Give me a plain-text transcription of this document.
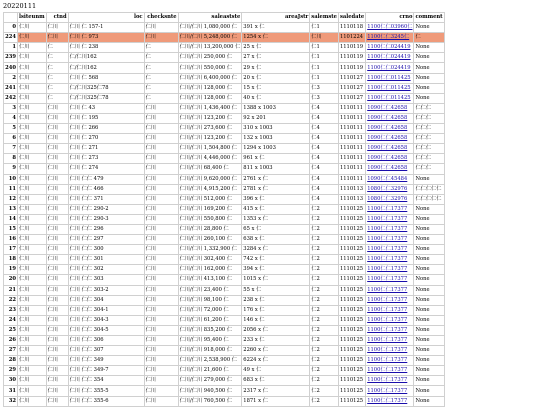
20220111
	lsiteunm	ctnd	loc	checksnte	saleastste	areaJstr	salemste	saledate	crno	comment
0	仁川	仁川	仁川 仁 157-1	仁川	仁川/仁川 1,080,000 仁	391 x 仁	仁1	1110118	1100仁仁03960仁	None
224	仁川	仁川	仁川 仁 973	仁川	仁川/仁川 5,248,000 仁	1254 x 仁	仁川	1101224	1100仁仁3245仁	仁
1	仁川	仁	仁川 仁 238	仁	仁川/仁川 13,200,000 仁	25 x 仁	仁1	1110119	1100仁仁024419	None
239	仁川	仁	仁/仁川162	仁	仁川/仁川 250,000 仁	27 x 仁	仁1	1110119	1100仁仁024419	None
240	仁川	仁	仁/仁川162	仁	仁川/仁川 550,000 仁	29 x 仁	仁1	1110119	1100仁仁024419	None
2	仁川	仁	仁川 仁 568	仁	仁川/仁川 6,400,000 仁	20 x 仁	仁1	1110127	1100仁仁011425	None
241	仁川	仁	仁/仁川325仁78	仁	仁川/仁川 128,000 仁	15 x 仁	仁3	1110127	1100仁仁011425	None
242	仁川	仁	仁/仁川325仁78	仁	仁川/仁川 128,000 仁	40 x 仁	仁3	1110127	1100仁仁011425	None
3	仁川	仁川	仁川 仁 43	仁川	仁川/仁川 1,436,400 仁	1388 x 1003	仁4	1110111	1090仁仁42658	仁仁仁
4	仁川	仁川	仁川 仁 195	仁川	仁川/仁川 123,200 仁	92 x 201	仁4	1110111	1090仁仁42658	仁仁仁
5	仁川	仁川	仁川 仁 266	仁川	仁川/仁川 273,600 仁	310 x 1003	仁4	1110111	1090仁仁42658	仁仁仁
6	仁川	仁川	仁川 仁 270	仁川	仁川/仁川 123,200 仁	132 x 1003	仁4	1110111	1090仁仁42658	仁仁仁
7	仁川	仁川	仁川 仁 271	仁川	仁川/仁川 1,504,800 仁	1294 x 1003	仁4	1110111	1090仁仁42658	仁仁仁
8	仁川	仁川	仁川 仁 273	仁川	仁川/仁川 4,446,000 仁	961 x 仁	仁4	1110111	1090仁仁42658	仁仁仁
9	仁川	仁川	仁川 仁 274	仁川	仁川/仁川 68,400 仁	811 x 1003	仁4	1110111	1090仁仁42658	仁仁仁
10	仁川	仁川	仁川 仁仁 479	仁川	仁川/仁川 9,620,000 仁	2761 x 仁	仁4	1110111	1090仁仁45484	None
11	仁川	仁川	仁川 仁仁 466	仁川	仁川/仁川 4,915,200 仁	2781 x 仁	仁4	1110113	1080仁仁32976	仁仁仁仁仁
12	仁川	仁川	仁川 仁仁 371	仁川	仁川/仁川 512,000 仁	396 x 仁	仁4	1110113	1080仁仁32976	仁仁仁仁仁
13	仁川	仁川	仁川 仁仁 290-2	仁川	仁川/仁川 169,200 仁	415 x 仁	仁2	1110125	1100仁仁17377	None
14	仁川	仁川	仁川 仁仁 290-3	仁川	仁川/仁川 550,800 仁	1353 x 仁	仁2	1110125	1100仁仁17377	None
15	仁川	仁川	仁川 仁仁 296	仁川	仁川/仁川 28,800 仁	65 x 仁	仁2	1110125	1100仁仁17377	None
16	仁川	仁川	仁川 仁仁 297	仁川	仁川/仁川 260,100 仁	638 x 仁	仁2	1110125	1100仁仁17377	None
17	仁川	仁川	仁川 仁仁 300	仁川	仁川/仁川 1,332,900 仁	3284 x 仁	仁2	1110125	1100仁仁17377	None
18	仁川	仁川	仁川 仁仁 301	仁川	仁川/仁川 302,400 仁	742 x 仁	仁2	1110125	1100仁仁17377	None
19	仁川	仁川	仁川 仁仁 302	仁川	仁川/仁川 162,000 仁	394 x 仁	仁2	1110125	1100仁仁17377	None
20	仁川	仁川	仁川 仁仁 303	仁川	仁川/仁川 413,100 仁	1015 x 仁	仁2	1110125	1100仁仁17377	None
21	仁川	仁川	仁川 仁仁 303-2	仁川	仁川/仁川 23,400 仁	55 x 仁	仁2	1110125	1100仁仁17377	None
22	仁川	仁川	仁川 仁仁 304	仁川	仁川/仁川 98,100 仁	238 x 仁	仁2	1110125	1100仁仁17377	None
23	仁川	仁川	仁川 仁仁 304-1	仁川	仁川/仁川 72,000 仁	176 x 仁	仁2	1110125	1100仁仁17377	None
24	仁川	仁川	仁川 仁仁 304-3	仁川	仁川/仁川 61,200 仁	146 x 仁	仁2	1110125	1100仁仁17377	None
25	仁川	仁川	仁川 仁仁 304-5	仁川	仁川/仁川 835,200 仁	2056 x 仁	仁2	1110125	1100仁仁17377	None
26	仁川	仁川	仁川 仁仁 306	仁川	仁川/仁川 95,400 仁	233 x 仁	仁2	1110125	1100仁仁17377	None
27	仁川	仁川	仁川 仁仁 307	仁川	仁川/仁川 918,000 仁	2260 x 仁	仁2	1110125	1100仁仁17377	None
28	仁川	仁川	仁川 仁仁 349	仁川	仁川/仁川 2,538,900 仁	6224 x 仁	仁2	1110125	1100仁仁17377	None
29	仁川	仁川	仁川 仁仁 349-7	仁川	仁川/仁川 21,600 仁	49 x 仁	仁2	1110125	1100仁仁17377	None
30	仁川	仁川	仁川 仁仁 354	仁川	仁川/仁川 279,000 仁	683 x 仁	仁2	1110125	1100仁仁17377	None
31	仁川	仁川	仁川 仁仁 355-5	仁川	仁川/仁川 940,500 仁	2317 x 仁	仁2	1110125	1100仁仁17377	None
32	仁川	仁川	仁川 仁仁 355-6	仁川	仁川/仁川 760,500 仁	1871 x 仁	仁2	1110125	1100仁仁17377	None
